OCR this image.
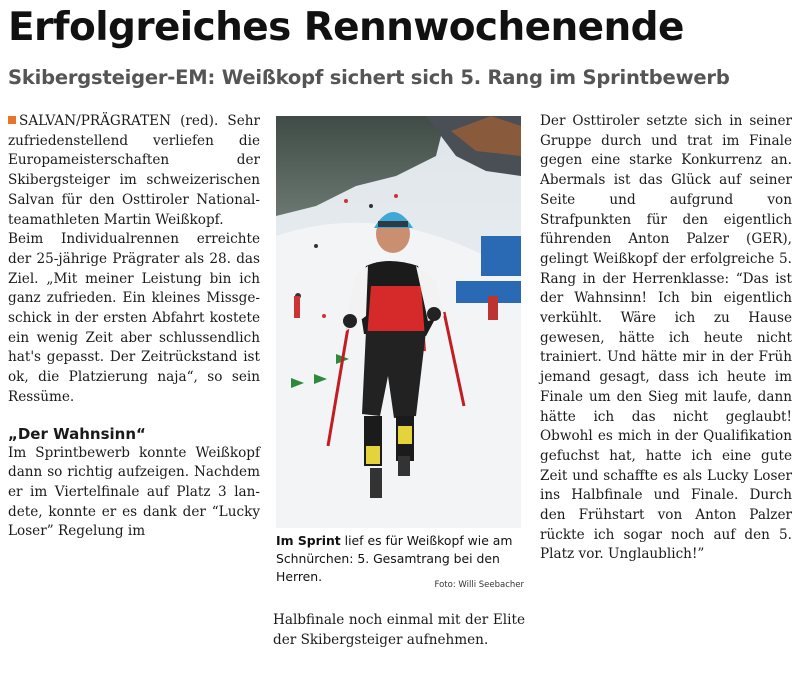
Erfolgreiches Rennwochenende
Skibergsteiger-EM: Weißkopf sichert sich 5. Rang im Sprintbewerb

SALVAN/PRÄGRATEN (red). Sehr zufriedenstellend verliefen die Europameisterschaften der Skibergsteiger im schweizerischen Salvan für den Osttiroler Nationalteamathleten Martin Weißkopf.

Beim Individualrennen erreichte der 25-jährige Prägrater als 28. das Ziel. „Mit meiner Leistung bin ich ganz zufrieden. Ein kleines Missgeschick in der ersten Abfahrt kostete ein wenig Zeit aber schlussendlich hat's gepasst. Der Zeitrückstand ist ok, die Platzierung naja“, so sein Ressüme.

„Der Wahnsinn“

Im Sprintbewerb konnte Weißkopf dann so richtig aufzeigen. Nachdem er im Viertelfinale auf Platz 3 landete, konnte er es dank der “Lucky Loser” Regelung im

Im Sprint lief es für Weißkopf wie am Schnürchen: 5. Gesamtrang bei den Herren.
Foto: Willi Seebacher

Halbfinale noch einmal mit der Elite der Skibergsteiger aufnehmen.

Der Osttiroler setzte sich in seiner Gruppe durch und trat im Finale gegen eine starke Konkurrenz an. Abermals ist das Glück auf seiner Seite und aufgrund von Strafpunkten für den eigentlich führenden Anton Palzer (GER), gelingt Weißkopf der erfolgreiche 5. Rang in der Herrenklasse: “Das ist der Wahnsinn! Ich bin eigentlich verkühlt. Wäre ich zu Hause gewesen, hätte ich heute nicht trainiert. Und hätte mir in der Früh jemand gesagt, dass ich heute im Finale um den Sieg mit laufe, dann hätte ich das nicht geglaubt! Obwohl es mich in der Qualifikation gefuchst hat, hatte ich eine gute Zeit und schaffte es als Lucky Loser ins Halbfinale und Finale. Durch den Frühstart von Anton Palzer rückte ich sogar noch auf den 5. Platz vor. Unglaublich!”
